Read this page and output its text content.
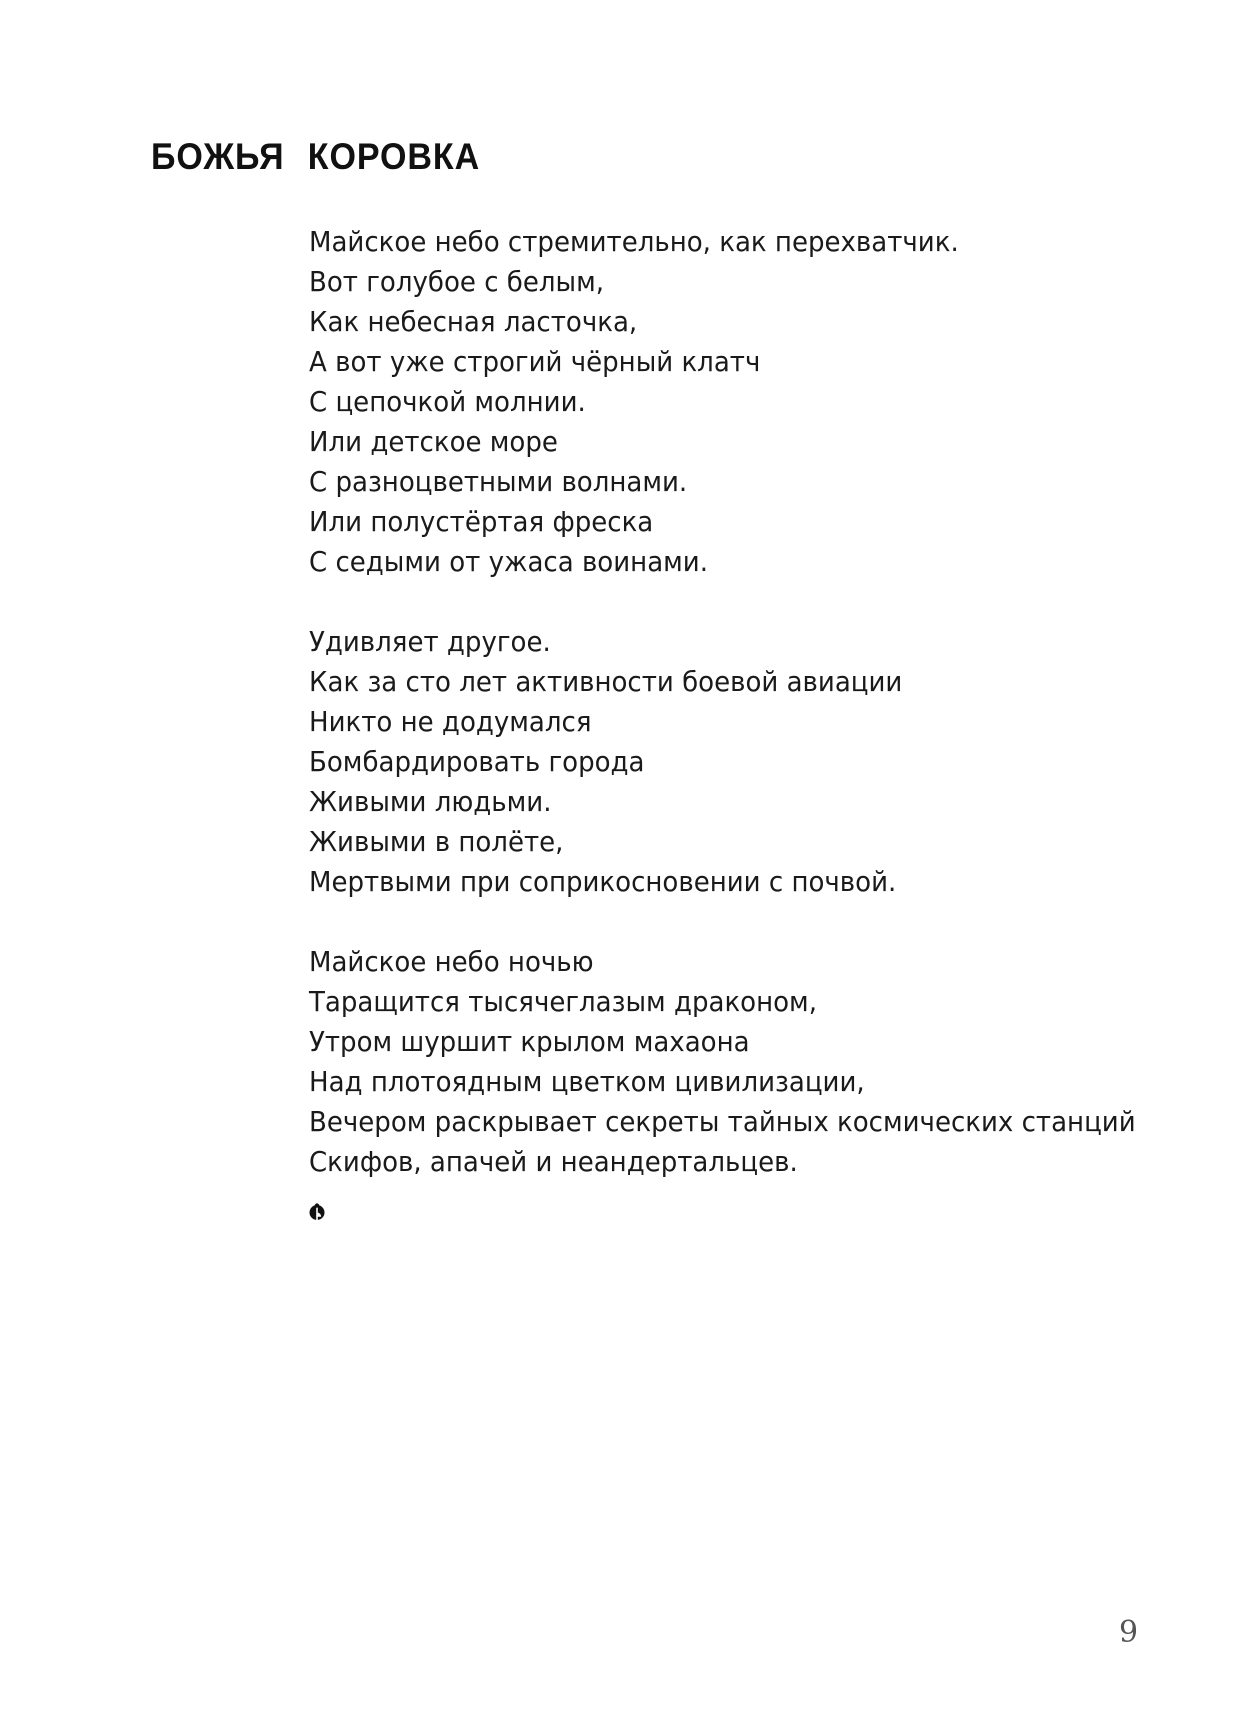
БОЖЬЯ КОРОВКА
Майское небо стремительно, как перехватчик.
Вот голубое с белым,
Как небесная ласточка,
А вот уже строгий чёрный клатч
С цепочкой молнии.
Или детское море
С разноцветными волнами.
Или полустёртая фреска
С седыми от ужаса воинами.
Удивляет другое.
Как за сто лет активности боевой авиации
Никто не додумался
Бомбардировать города
Живыми людьми.
Живыми в полёте,
Мертвыми при соприкосновении с почвой.
Майское небо ночью
Таращится тысячеглазым драконом,
Утром шуршит крылом махаона
Над плотоядным цветком цивилизации,
Вечером раскрывает секреты тайных космических станций
Скифов, апачей и неандертальцев.
9
